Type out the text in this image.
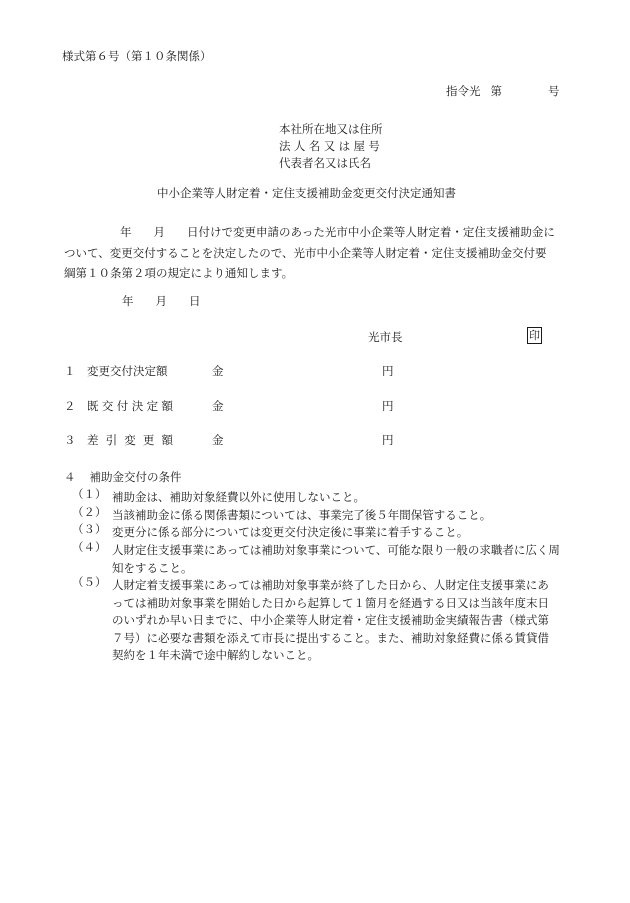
様式第６号（第１０条関係）
指令光 第	号
本社所在地又は住所
法人名又は屋号
代表者名又は氏名
中小企業等人財定着・定住支援補助金変更交付決定通知書
年 月 日付けで変更申請のあった光市中小企業等人財定着・定住支援補助金について、変更交付することを決定したので、光市中小企業等人財定着・定住支援補助金交付要綱第１０条第２項の規定により通知します。
年 月 日
光市長	印
１ 変更交付決定額	金	円
２ 既交付決定額	金	円
３ 差引変更額	金	円
４ 補助金交付の条件
（１） 補助金は、補助対象経費以外に使用しないこと。
（２） 当該補助金に係る関係書類については、事業完了後５年間保管すること。
（３） 変更分に係る部分については変更交付決定後に事業に着手すること。
（４） 人財定住支援事業にあっては補助対象事業について、可能な限り一般の求職者に広く周知をすること。
（５） 人財定着支援事業にあっては補助対象事業が終了した日から、人財定住支援事業にあっては補助対象事業を開始した日から起算して１箇月を経過する日又は当該年度末日のいずれか早い日までに、中小企業等人財定着・定住支援補助金実績報告書（様式第７号）に必要な書類を添えて市長に提出すること。また、補助対象経費に係る賃貸借契約を１年未満で途中解約しないこと。
